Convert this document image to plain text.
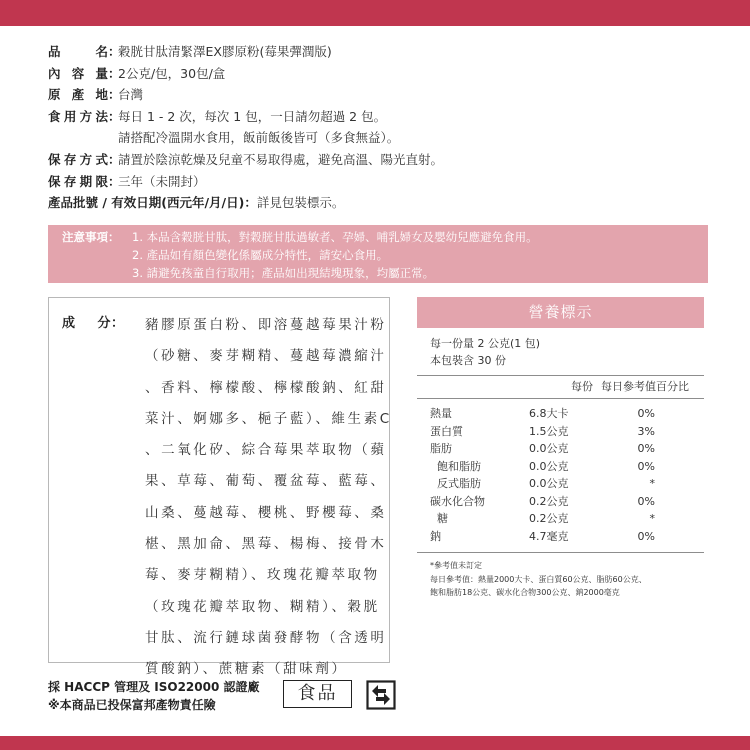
品名 ：
穀胱甘肽清緊澤EX膠原粉(莓果彈潤版)
內容量 ：
2公克/包，30包/盒
原產地 ：
台灣
食用方法 ：
每日 1 - 2 次，每次 1 包，一日請勿超過 2 包。
請搭配冷溫開水食用，飯前飯後皆可（多食無益）。
保存方式 ：
請置於陰涼乾燥及兒童不易取得處，避免高溫、陽光直射。
保存期限 ：
三年（未開封）
產品批號 / 有效日期(西元年/月/日)： 詳見包裝標示。
注意事項：	1. 本品含穀胱甘肽，對穀胱甘肽過敏者、孕婦、哺乳婦女及嬰幼兒應避免食用。
2. 產品如有顏色變化係屬成分特性，請安心食用。
3. 請避免孩童自行取用；產品如出現結塊現象，均屬正常。
成 分： 豬膠原蛋白粉、即溶蔓越莓果汁粉
（砂糖、麥芽糊精、蔓越莓濃縮汁
、香料、檸檬酸、檸檬酸鈉、紅甜
菜汁、婀娜多、梔子藍）、維生素C
、二氧化矽、綜合莓果萃取物（蘋
果、草莓、葡萄、覆盆莓、藍莓、
山桑、蔓越莓、櫻桃、野櫻莓、桑
椹、黑加侖、黑莓、楊梅、接骨木
莓、麥芽糊精）、玫瑰花瓣萃取物
（玫瑰花瓣萃取物、糊精）、穀胱
甘肽、流行鏈球菌發酵物（含透明
質酸鈉）、蔗糖素（甜味劑）
營養標示
每一份量 2 公克(1 包)
本包裝含 30 份
每份 每日參考值百分比
熱量	6.8大卡	0%
蛋白質	1.5公克	3%
脂肪	0.0公克	0%
飽和脂肪	0.0公克	0%
反式脂肪	0.0公克	*
碳水化合物	0.2公克	0%
糖	0.2公克	*
鈉	4.7毫克	0%
*參考值未訂定
每日參考值：熱量2000大卡、蛋白質60公克、脂肪60公克、
飽和脂肪18公克、碳水化合物300公克、鈉2000毫克
採 HACCP 管理及 ISO22000 認證廠
※本商品已投保富邦產物責任險
食品
